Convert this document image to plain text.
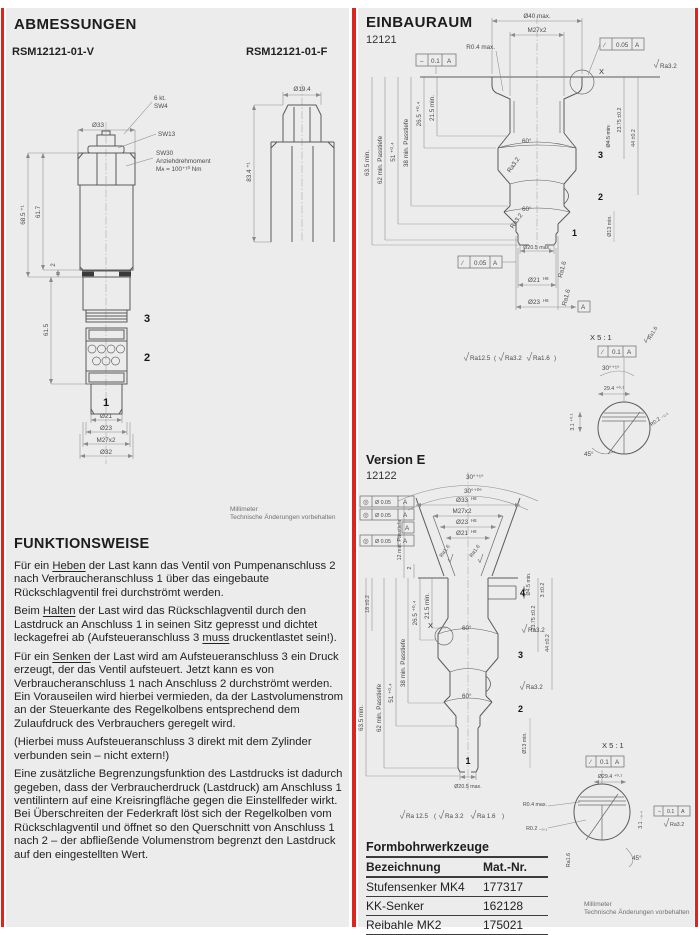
ABMESSUNGEN
RSM12121-01-V	RSM12121-01-F
Ø33
6 kt.
SW4
SW13
SW30
Anziehdrehmoment
Mᴀ = 100⁺¹⁰ Nm
68.5 ⁺¹ 61.7
2
61.5
3
2
1
Ø21
Ø23
M27x2
Ø32
Ø19.4
83.4 ⁺¹
Millimeter
Technische Änderungen vorbehalten
FUNKTIONSWEISE

Für ein Heben der Last kann das Ventil von Pumpenanschluss 2 nach Verbraucheranschluss 1 über das eingebaute Rückschlagventil frei durchströmt werden.

Beim Halten der Last wird das Rückschlagventil durch den Lastdruck an Anschluss 1 in seinen Sitz gepresst und dichtet leckagefrei ab (Aufsteueranschluss 3 muss druckentlastet sein!).

Für ein Senken der Last wird am Aufsteueranschluss 3 ein Druck erzeugt, der das Ventil aufsteuert. Jetzt kann es von Verbraucheranschluss 1 nach Anschluss 2 durchströmt werden. Ein Vorauseilen wird hierbei vermieden, da der Lastvolumenstrom an der Steuerkante des Regelkolbens entsprechend dem Zulaufdruck des Verbrauchers geregelt wird.

(Hierbei muss Aufsteueranschluss 3 direkt mit dem Zylinder verbunden sein – nicht extern!)

Eine zusätzliche Begrenzungsfunktion des Lastdrucks ist dadurch gegeben, dass der Verbraucherdruck (Lastdruck) am Anschluss 1 ventilintern auf eine Kreisringfläche gegen die Einstellfeder wirkt. Bei Überschreiten der Federkraft löst sich der Regelkolben vom Rückschlagventil und öffnet so den Querschnitt von Anschluss 1 nach 2 – der abfließende Volumenstrom begrenzt den Lastdruck auf den eingestellten Wert.

EINBAURAUM
12121
Ø40 max.
M27x2
R0.4 max.	∕ 0.05 A
– 0.1 A
X
Ra3.2
63.5 min. 62 min. Passtiefe 51 ⁺⁰·⁴ 38 min. Passtiefe
26.5 ⁺⁰·⁴ 21.5 min.
60°
60°
Ra3.2
Ra3.2
3
2
1
Ø4.5 min.
23.75 ±0.2
44 ±0.2
Ø13 min.
Ø20.5 max.
∕ 0.05 A
Ø21 H8
Ø23 H8
A
Ra1.6
Ra1.6
X 5 : 1
Ra12.5 ( Ra3.2 Ra1.6 )
∕ 0.1 A
30°⁺¹°
29.4 ⁺⁰·¹
3.1 ⁺⁰·¹
45°
R0.2 ₋₀.₁
Ra1.6
Version E
12122	30°⁺¹°
30°⁺⁰°
Ø33 H8
M27x2
Ø23 H8
Ø21 H8
◎ Ø 0.05 A
◎ Ø 0.05 A
A
◎ Ø 0.05 A
Ra1.6	Ra1.6
12 min. Passtiefe
2
18 ±0.2
4 Ø4.5 min. 3 ±0.2
X
63.5 min. 62 min. Passtiefe 51 ⁺⁰·⁴
38 min. Passtiefe
26.5 ⁺⁰·⁴ 21.5 min.
60°
60°
Ra3.2
Ra3.2
3
2
1
23.75 ±0.2
44 ±0.2
Ø13 min.
Ø20.5 max.
Ra 12.5 ( Ra 3.2 Ra 1.6 )
X 5 : 1
∕ 0.1 A
Ø29.4 ⁺⁰·¹
R0.4 max.
R0.2 ₋₀.₁
Ra1.6	45°
3.1 ₋₀.₄	– 0.1 A
Ra3.2
Formbohrwerkzeuge
Bezeichnung	Mat.-Nr.
Stufensenker MK4	177317
KK-Senker	162128
Reibahle MK2	175021
Millimeter
Technische Änderungen vorbehalten
